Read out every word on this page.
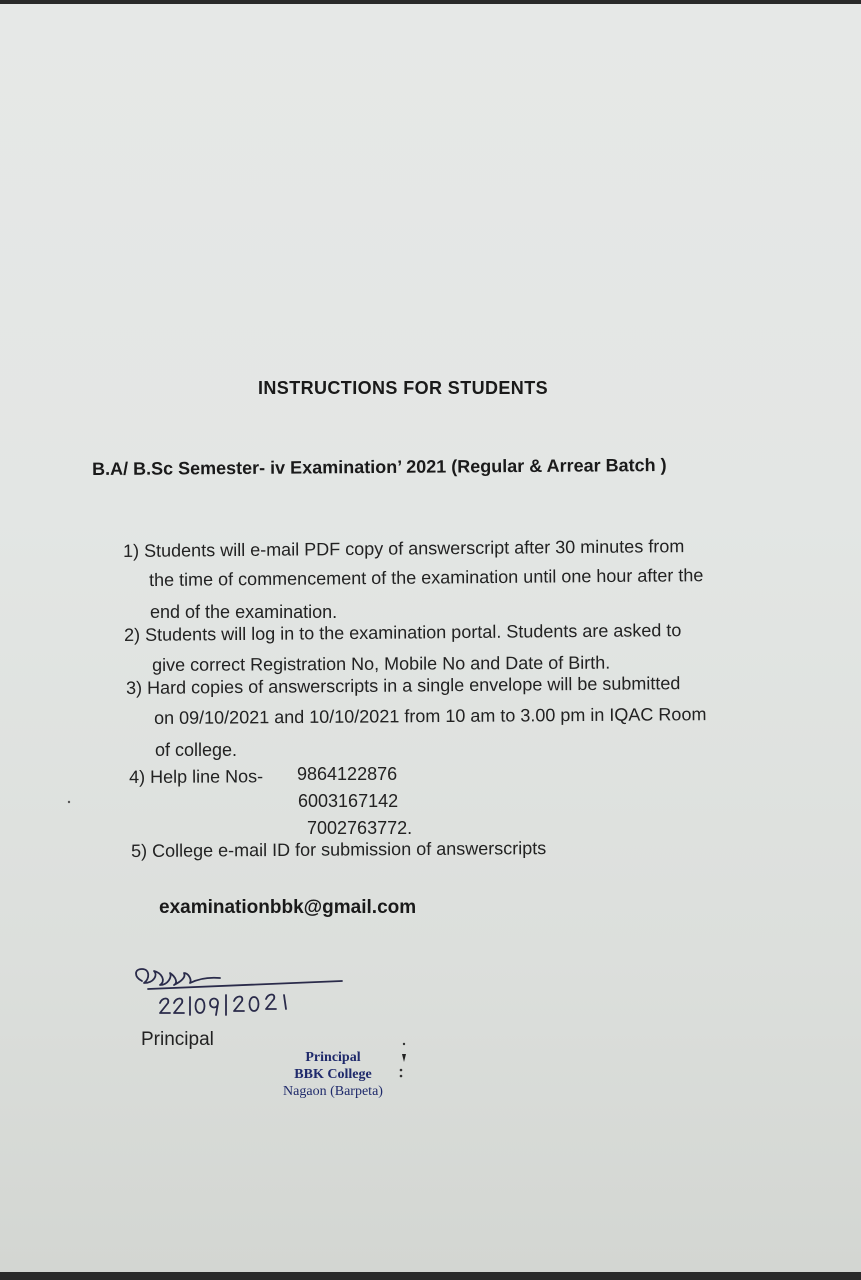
INSTRUCTIONS FOR STUDENTS
B.A/ B.Sc Semester- iv Examination’ 2021 (Regular & Arrear Batch )
1) Students will e-mail PDF copy of answerscript after 30 minutes from
the time of commencement of the examination until one hour after the
end of the examination.
2) Students will log in to the examination portal. Students are asked to
give correct Registration No, Mobile No and Date of Birth.
3) Hard copies of answerscripts in a single envelope will be submitted
on 09/10/2021 and 10/10/2021 from 10 am to 3.00 pm in IQAC Room
of college.
4) Help line Nos- 9864122876
6003167142
7002763772.
5) College e-mail ID for submission of answerscripts
examinationbbk@gmail.com
Principal
Principal
BBK College
Nagaon (Barpeta)
